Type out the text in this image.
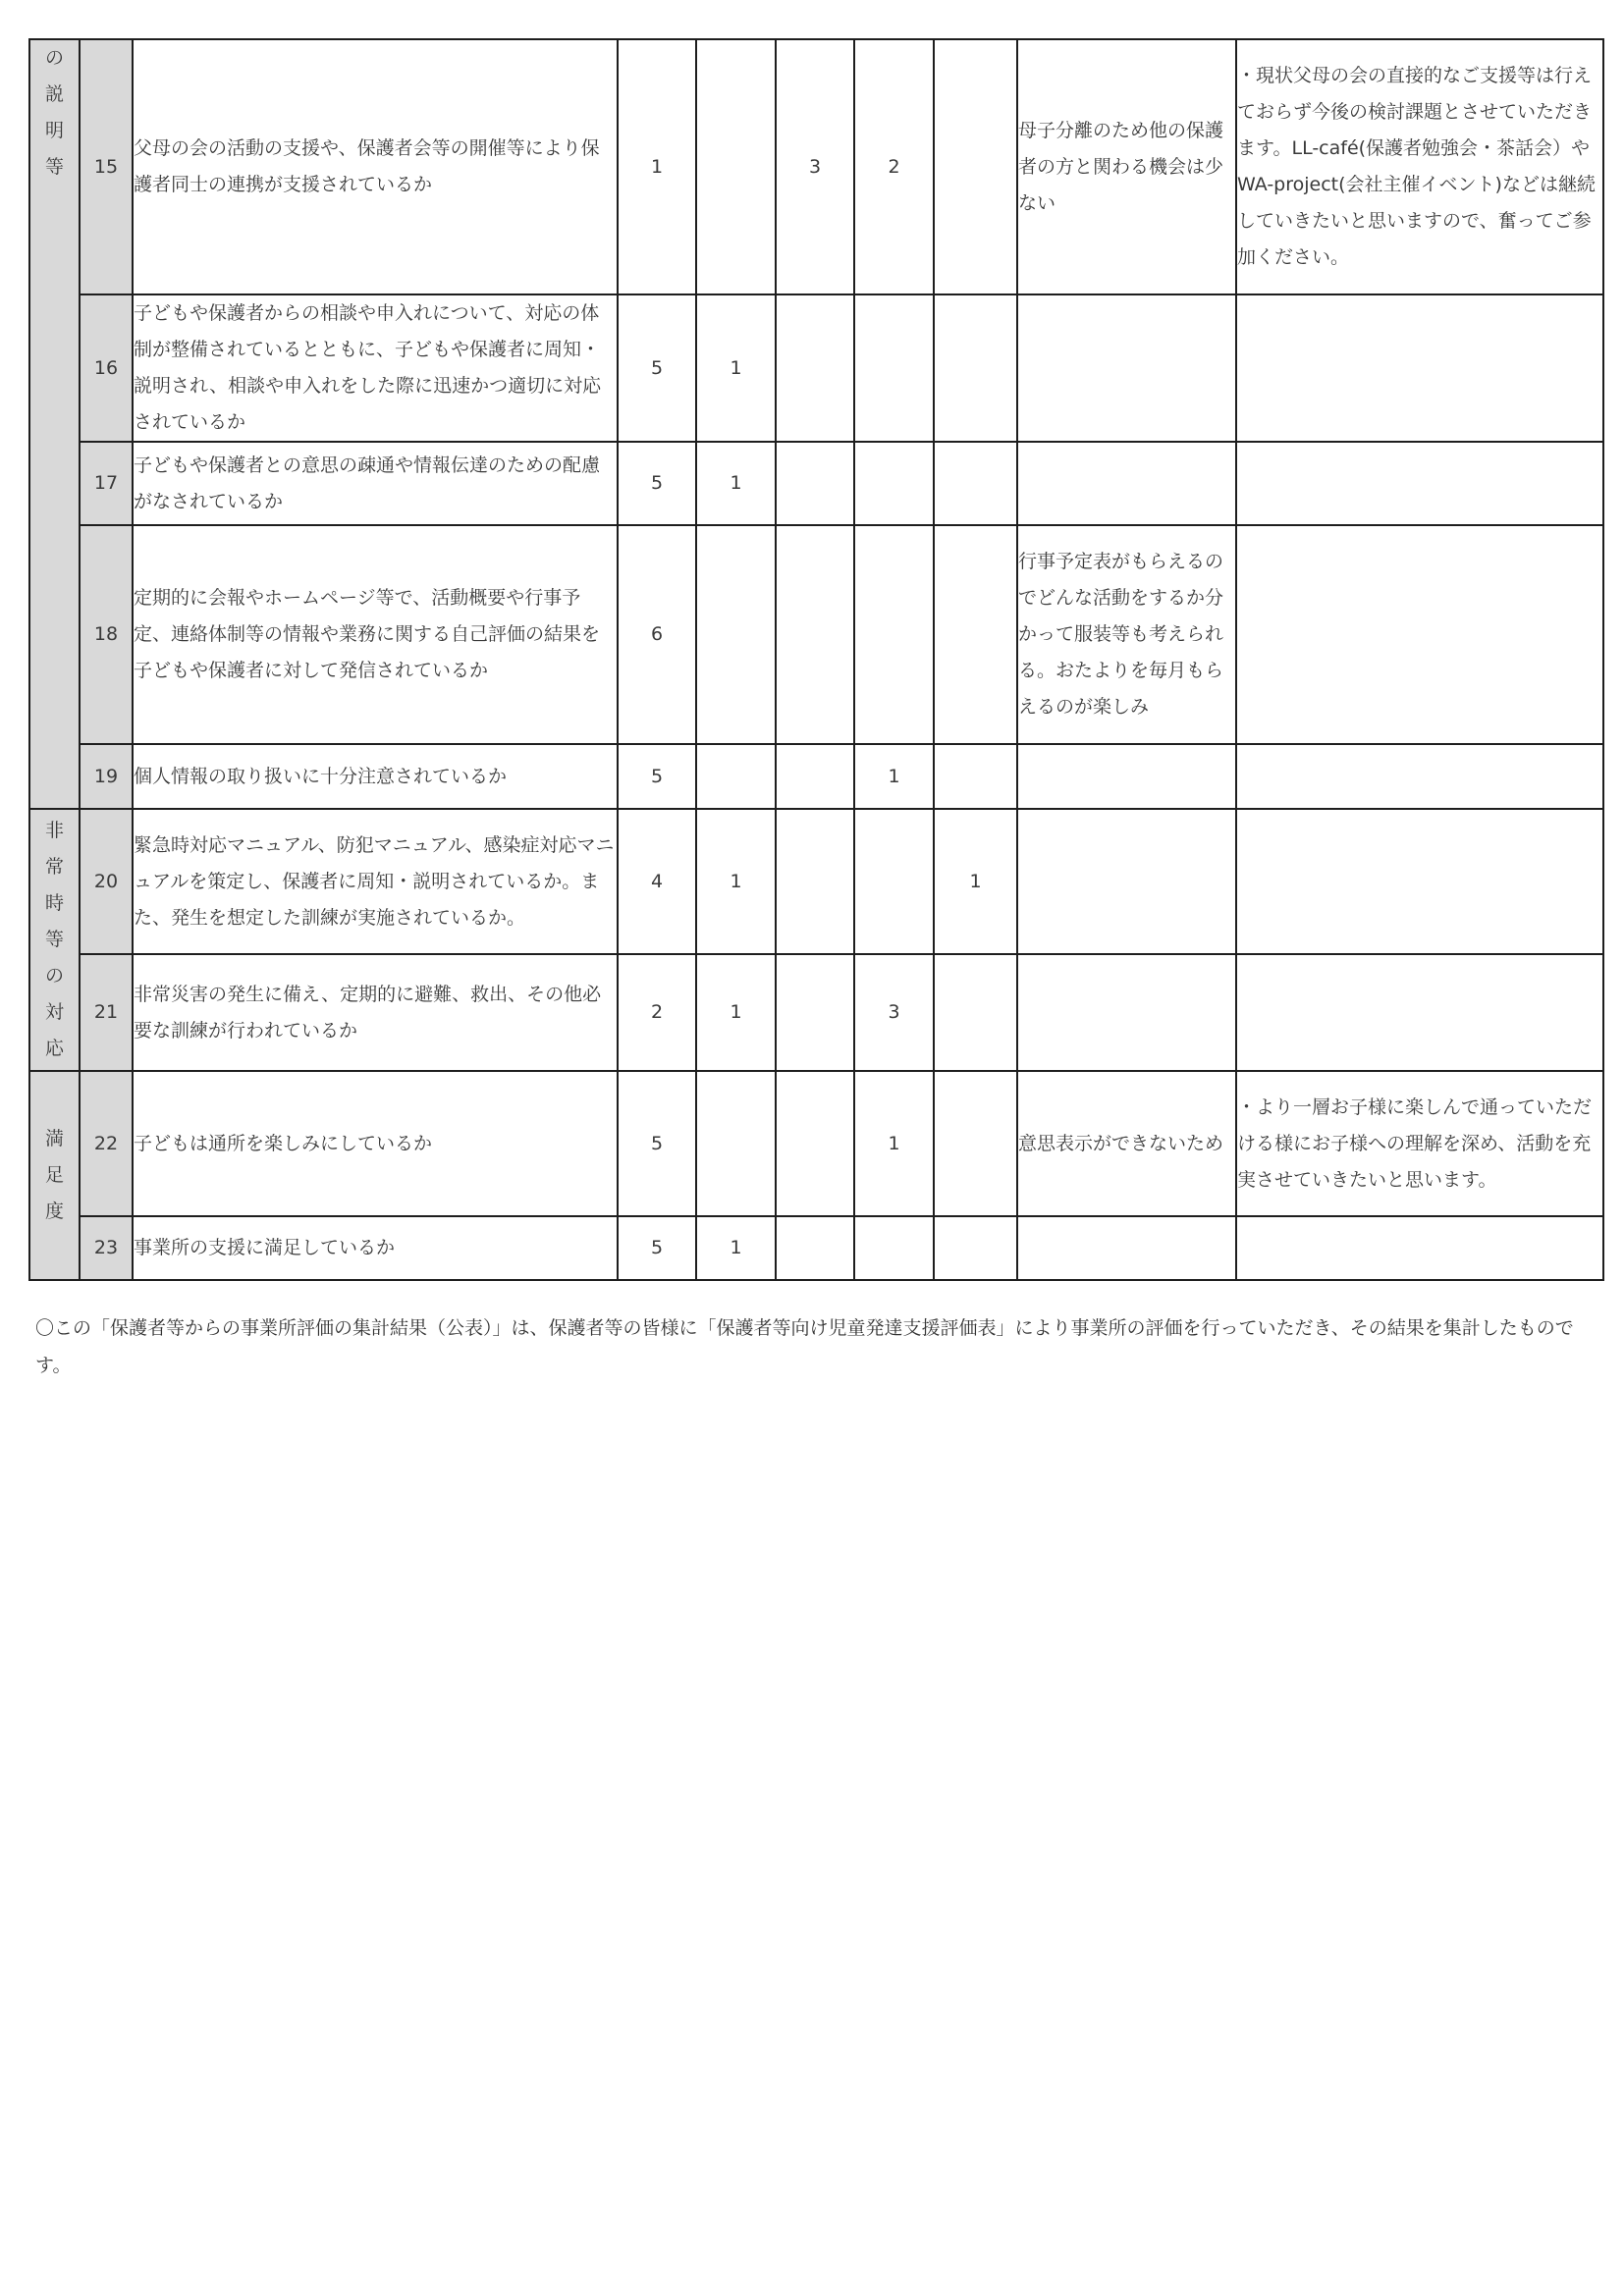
の説明等	15	父母の会の活動の支援や、保護者会等の開催等により保護者同士の連携が支援されているか	1		3	2		母子分離のため他の保護者の方と関わる機会は少ない	・現状父母の会の直接的なご支援等は行えておらず今後の検討課題とさせていただきます。LL-café(保護者勉強会・茶話会）やWA-project(会社主催イベント)などは継続していきたいと思いますので、奮ってご参加ください。

	16	子どもや保護者からの相談や申入れについて、対応の体制が整備されているとともに、子どもや保護者に周知・説明され、相談や申入れをした際に迅速かつ適切に対応されているか	5	1				

	17	子どもや保護者との意思の疎通や情報伝達のための配慮がなされているか	5	1				

	18	定期的に会報やホームページ等で、活動概要や行事予定、連絡体制等の情報や業務に関する自己評価の結果を子どもや保護者に対して発信されているか	6					行事予定表がもらえるのでどんな活動をするか分かって服装等も考えられる。おたよりを毎月もらえるのが楽しみ	

	19	個人情報の取り扱いに十分注意されているか	5			1		

非常時等の対応	20	緊急時対応マニュアル、防犯マニュアル、感染症対応マニュアルを策定し、保護者に周知・説明されているか。また、発生を想定した訓練が実施されているか。	4	1			1	

	21	非常災害の発生に備え、定期的に避難、救出、その他必要な訓練が行われているか	2	1		3		

満足度	22	子どもは通所を楽しみにしているか	5			1		意思表示ができないため	・より一層お子様に楽しんで通っていただける様にお子様への理解を深め、活動を充実させていきたいと思います。

	23	事業所の支援に満足しているか	5	1				

〇この「保護者等からの事業所評価の集計結果（公表）」は、保護者等の皆様に「保護者等向け児童発達支援評価表」により事業所の評価を行っていただき、その結果を集計したものです。
